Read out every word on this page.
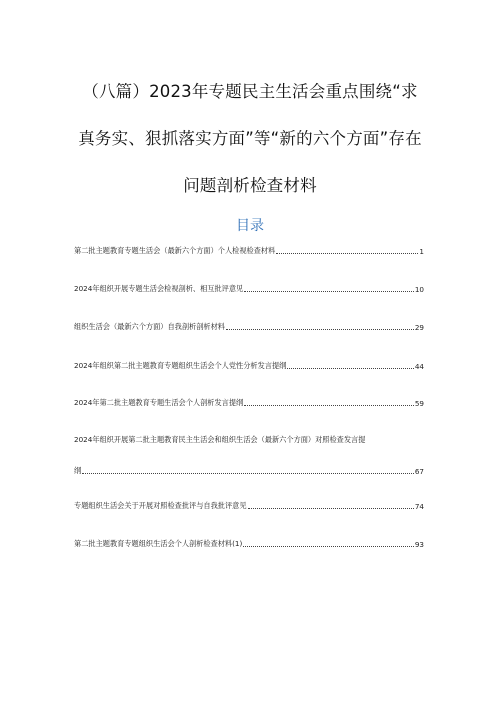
（八篇）2023年专题民主生活会重点围绕“求
真务实、狠抓落实方面”等“新的六个方面”存在
问题剖析检查材料
目录
第二批主题教育专题生活会（最新六个方面）个人检视检查材料	1
2024年组织开展专题生活会检视剖析、相互批评意见	10
组织生活会（最新六个方面）自我剖析剖析材料	29
2024年组织第二批主题教育专题组织生活会个人党性分析发言提纲	44
2024年第二批主题教育专题生活会个人剖析发言提纲	59
2024年组织开展第二批主题教育民主生活会和组织生活会（最新六个方面）对照检查发言提
纲	67
专题组织生活会关于开展对照检查批评与自我批评意见	74
第二批主题教育专题组织生活会个人剖析检查材料(1)	93
